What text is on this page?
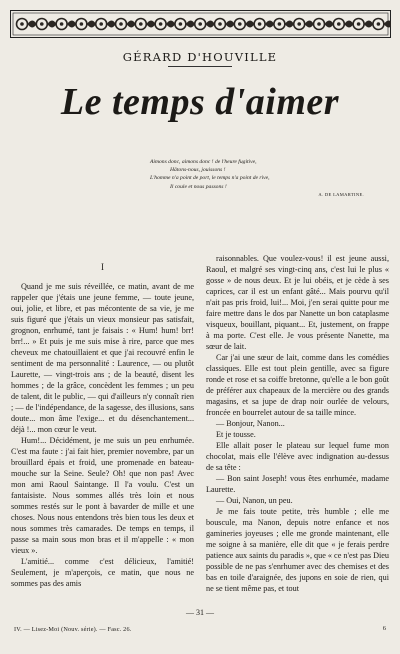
GÉRARD D'HOUVILLE
Le temps d'aimer
Aimons donc, aimons donc ! de l'heure fugitive,
Hâtons-nous, jouissons !
L'homme n'a point de port, le temps n'a point de rive,
Il coule et nous passons !
A. DE LAMARTINE.
I

Quand je me suis réveillée, ce matin, avant de me rappeler que j'étais une jeune femme, — toute jeune, oui, jolie, et libre, et pas mécontente de sa vie, je me suis figuré que j'étais un vieux monsieur pas satisfait, grognon, enrhumé, tant je faisais : « Hum! hum! brr! brr!... » Et puis je me suis mise à rire, parce que mes cheveux me chatouillaient et que j'ai recouvré enfin le sentiment de ma personnalité : Laurence, — ou plutôt Laurette, — vingt-trois ans ; de la beauté, disent les hommes ; de la grâce, concèdent les femmes ; un peu de talent, dit le public, — qui d'ailleurs n'y connaît rien ; — de l'indépendance, de la sagesse, des illusions, sans doute... mon âme l'exige... et du désenchantement... déjà !... mon cœur le veut.

Hum!... Décidément, je me suis un peu enrhumée. C'est ma faute : j'ai fait hier, premier novembre, par un brouillard épais et froid, une promenade en bateau-mouche sur la Seine. Seule? Oh! que non pas! Avec mon ami Raoul Saintange. Il l'a voulu. C'est un fantaisiste. Nous sommes allés très loin et nous sommes restés sur le pont à bavarder de mille et une choses. Nous nous entendons très bien tous les deux et nous sommes très camarades. De temps en temps, il passe sa main sous mon bras et il m'appelle : « mon vieux ».

L'amitié... comme c'est délicieux, l'amitié! Seulement, je m'aperçois, ce matin, que nous ne sommes pas des amis

raisonnables. Que voulez-vous! il est jeune aussi, Raoul, et malgré ses vingt-cinq ans, c'est lui le plus « gosse » de nous deux. Et je lui obéis, et je cède à ses caprices, car il est un enfant gâté... Mais pourvu qu'il n'ait pas pris froid, lui!... Moi, j'en serai quitte pour me faire mettre dans le dos par Nanette un bon cataplasme visqueux, bouillant, piquant... Et, justement, on frappe à ma porte. C'est elle. Je vous présente Nanette, ma sœur de lait.

Car j'ai une sœur de lait, comme dans les comédies classiques. Elle est tout plein gentille, avec sa figure ronde et rose et sa coiffe bretonne, qu'elle a le bon goût de préférer aux chapeaux de la mercière ou des grands magasins, et sa jupe de drap noir ourlée de velours, froncée en bourrelet autour de sa taille mince.

— Bonjour, Nanon...

Et je tousse.

Elle allait poser le plateau sur lequel fume mon chocolat, mais elle l'élève avec indignation au-dessus de sa tête :

— Bon saint Joseph! vous êtes enrhumée, madame Laurette.

— Oui, Nanon, un peu.

Je me fais toute petite, très humble ; elle me bouscule, ma Nanon, depuis notre enfance et nos gamineries joyeuses ; elle me gronde maintenant, elle me soigne à sa manière, elle dit que « je ferais perdre patience aux saints du paradis », que « ce n'est pas Dieu possible de ne pas s'enrhumer avec des chemises et des bas en toile d'araignée, des jupons en soie de rien, qui ne se tient même pas, et tout

— 31 —
IV. — Lisez-Moi (Nouv. série). — Fasc. 26.	6
